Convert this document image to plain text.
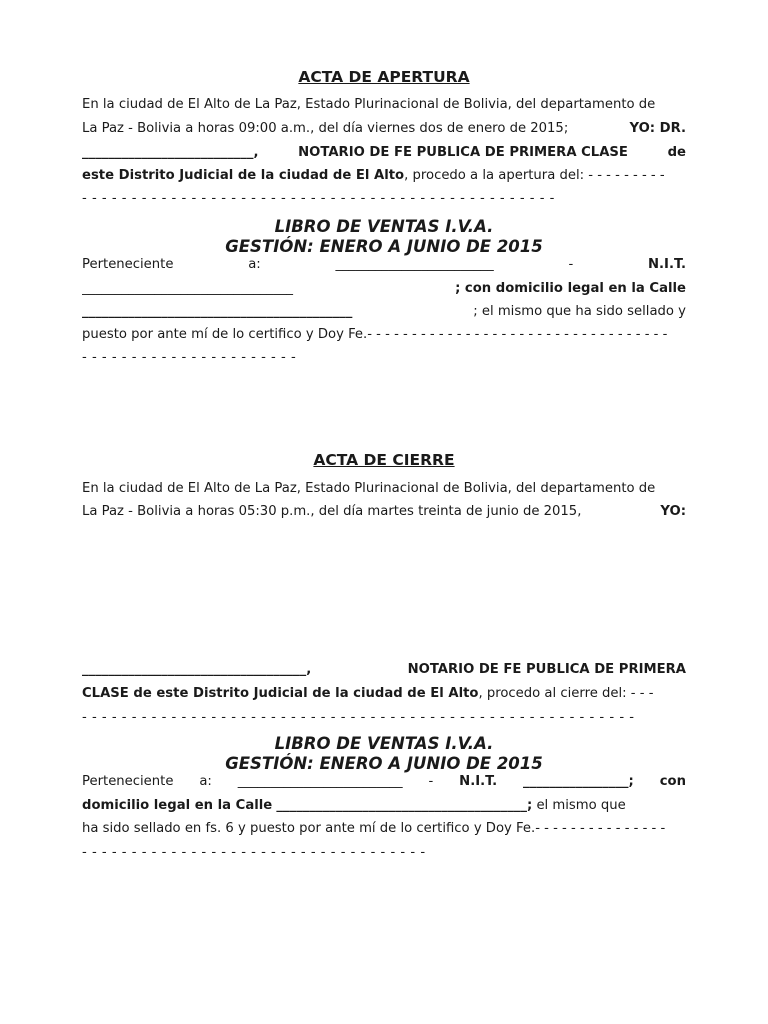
ACTA DE APERTURA
En la ciudad de El Alto de La Paz, Estado Plurinacional de Bolivia, del departamento de
La Paz - Bolivia a horas 09:00 a.m., del día viernes dos de enero de 2015;	YO: DR.
__________________________,	NOTARIO DE FE PUBLICA DE PRIMERA CLASE	de
este Distrito Judicial de la ciudad de El Alto, procedo a la apertura del: - - - - - - - - -
- - - - - - - - - - - - - - - - - - - - - - - - - - - - - - - - - - - - - - - - - - - - - - - -
LIBRO DE VENTAS I.V.A.
GESTIÓN: ENERO A JUNIO DE 2015
Perteneciente	a:	________________________	-	N.I.T.
________________________________	; con domicilio legal en la Calle
_________________________________________	; el mismo que ha sido sellado y
puesto por ante mí de lo certifico y Doy Fe.- - - - - - - - - - - - - - - - - - - - - - - - - - - - - - - - - -
- - - - - - - - - - - - - - - - - - - - - -
ACTA DE CIERRE
En la ciudad de El Alto de La Paz, Estado Plurinacional de Bolivia, del departamento de
La Paz - Bolivia a horas 05:30 p.m., del día martes treinta de junio de 2015,	YO:
__________________________________,	NOTARIO DE FE PUBLICA DE PRIMERA
CLASE de este Distrito Judicial de la ciudad de El Alto, procedo al cierre del: - - -
- - - - - - - - - - - - - - - - - - - - - - - - - - - - - - - - - - - - - - - - - - - - - - - - - - - - - - - -
LIBRO DE VENTAS I.V.A.
GESTIÓN: ENERO A JUNIO DE 2015
Perteneciente a: _________________________ - N.I.T. ________________; con
domicilio legal en la Calle ______________________________________; el mismo que
ha sido sellado en fs. 6 y puesto por ante mí de lo certifico y Doy Fe.- - - - - - - - - - - - - - -
- - - - - - - - - - - - - - - - - - - - - - - - - - - - - - - - - - -
